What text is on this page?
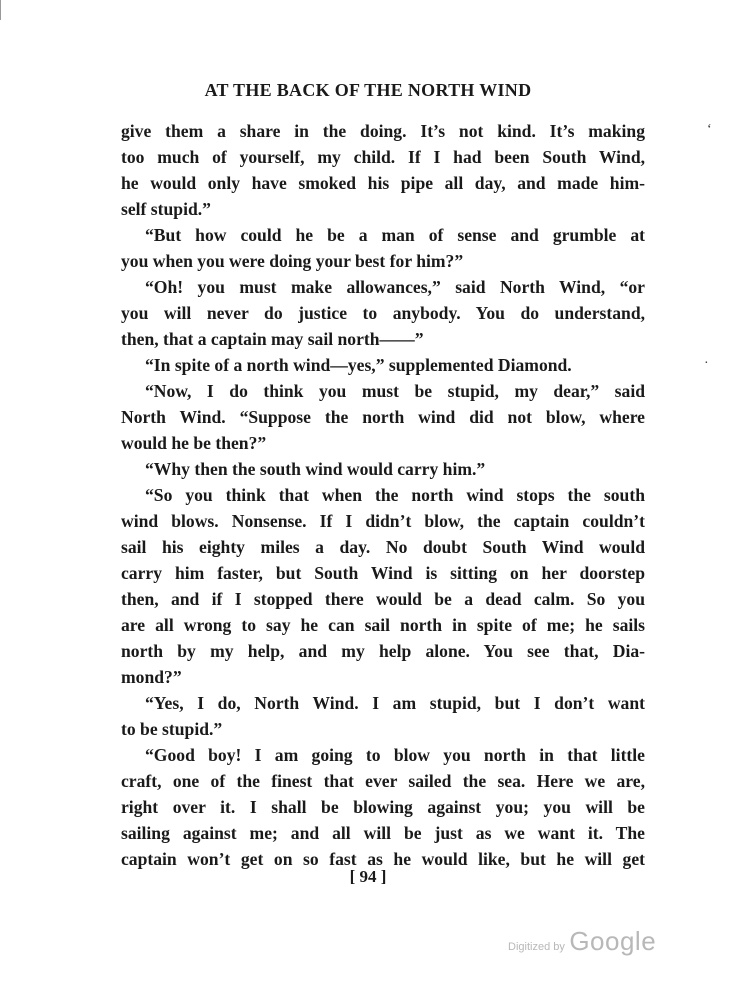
AT THE BACK OF THE NORTH WIND
give them a share in the doing. It’s not kind. It’s making
too much of yourself, my child. If I had been South Wind,
he would only have smoked his pipe all day, and made him-
self stupid.”
“But how could he be a man of sense and grumble at
you when you were doing your best for him?”
“Oh! you must make allowances,” said North Wind, “or
you will never do justice to anybody. You do understand,
then, that a captain may sail north——”
“In spite of a north wind—yes,” supplemented Diamond.
“Now, I do think you must be stupid, my dear,” said
North Wind. “Suppose the north wind did not blow, where
would he be then?”
“Why then the south wind would carry him.”
“So you think that when the north wind stops the south
wind blows. Nonsense. If I didn’t blow, the captain couldn’t
sail his eighty miles a day. No doubt South Wind would
carry him faster, but South Wind is sitting on her doorstep
then, and if I stopped there would be a dead calm. So you
are all wrong to say he can sail north in spite of me; he sails
north by my help, and my help alone. You see that, Dia-
mond?”
“Yes, I do, North Wind. I am stupid, but I don’t want
to be stupid.”
“Good boy! I am going to blow you north in that little
craft, one of the finest that ever sailed the sea. Here we are,
right over it. I shall be blowing against you; you will be
sailing against me; and all will be just as we want it. The
captain won’t get on so fast as he would like, but he will get
‘
·
[ 94 ]
Digitized by Google
